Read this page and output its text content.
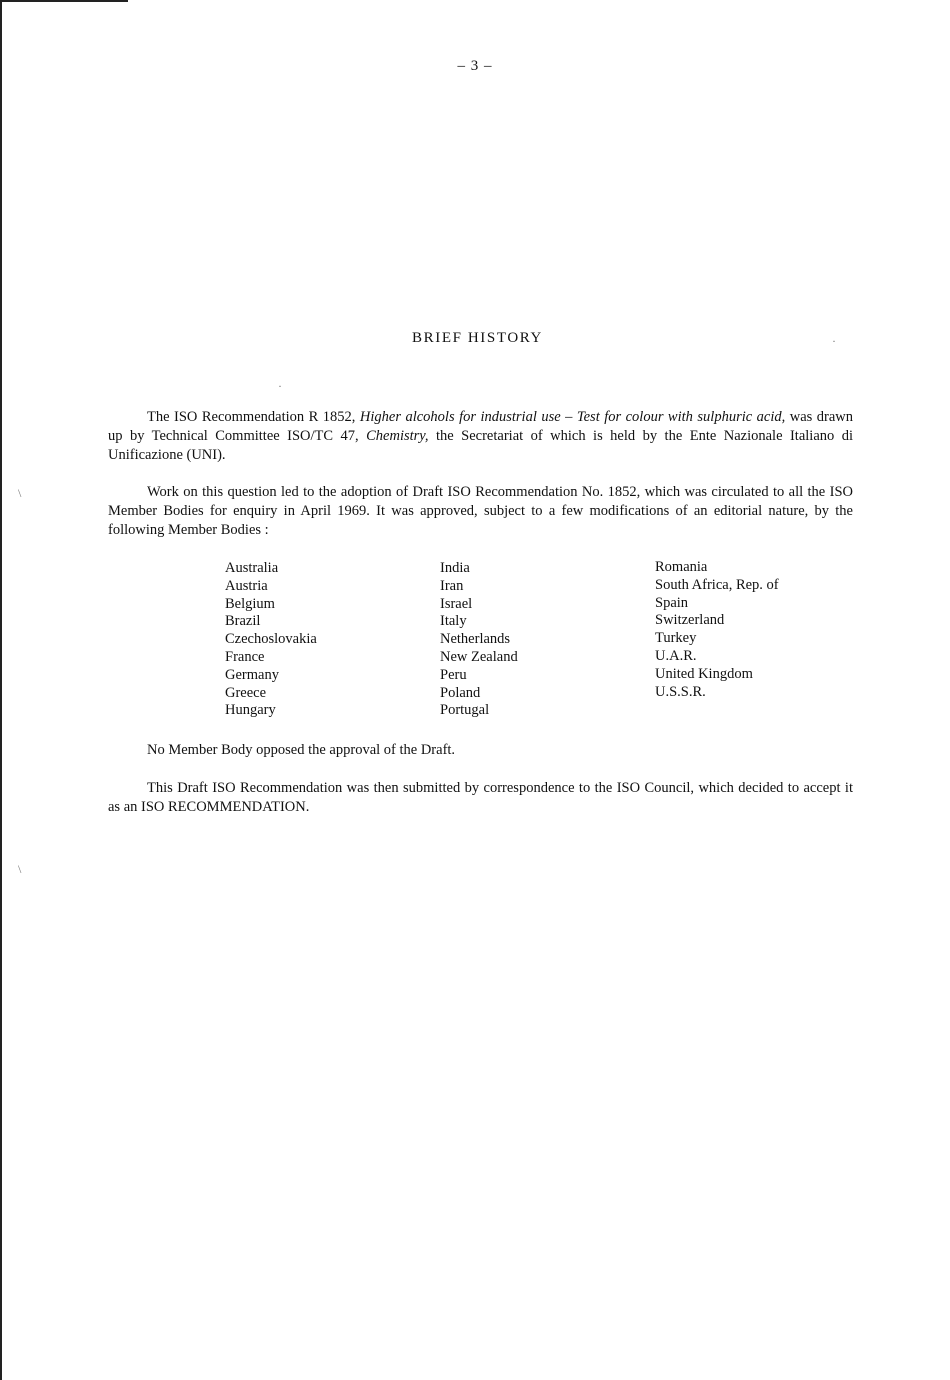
·
·
\
\
– 3 –
BRIEF HISTORY

The ISO Recommendation R 1852, Higher alcohols for industrial use – Test for colour with sulphuric acid, was drawn up by Technical Committee ISO/TC 47, Chemistry, the Secretariat of which is held by the Ente Nazionale Italiano di Unificazione (UNI).

Work on this question led to the adoption of Draft ISO Recommendation No. 1852, which was circulated to all the ISO Member Bodies for enquiry in April 1969. It was approved, subject to a few modifications of an editorial nature, by the following Member Bodies :

Australia
Austria
Belgium
Brazil
Czechoslovakia
France
Germany
Greece
Hungary
India
Iran
Israel
Italy
Netherlands
New Zealand
Peru
Poland
Portugal
Romania
South Africa, Rep. of
Spain
Switzerland
Turkey
U.A.R.
United Kingdom
U.S.S.R.

No Member Body opposed the approval of the Draft.

This Draft ISO Recommendation was then submitted by correspondence to the ISO Council, which decided to accept it as an ISO RECOMMENDATION.
